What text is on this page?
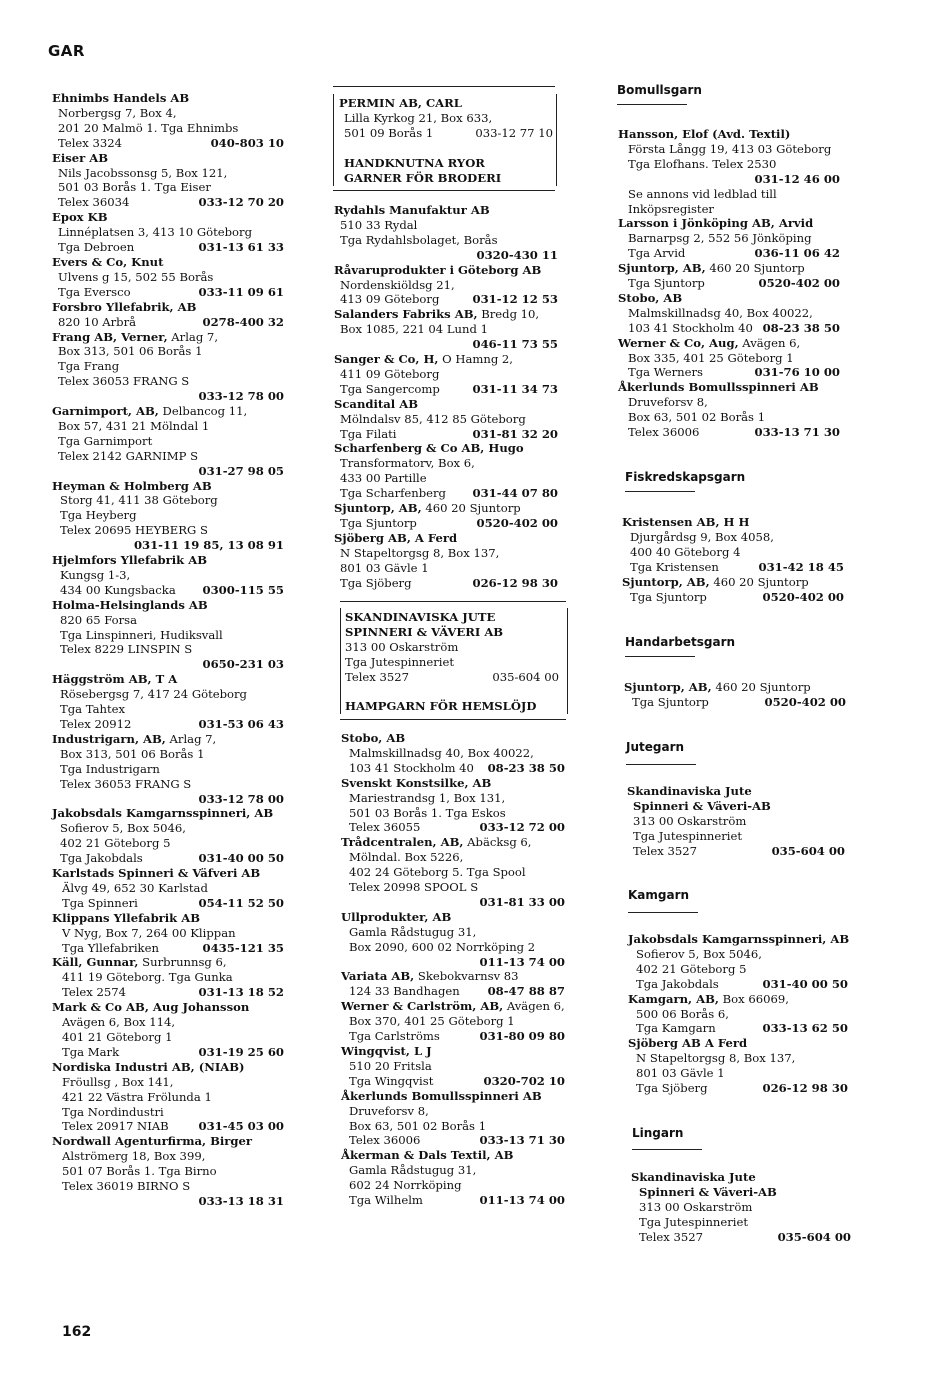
GAR
Ehnimbs Handels AB
Norbergsg 7, Box 4,
201 20 Malmö 1. Tga Ehnimbs
Telex 3324	040-803 10
Eiser AB
Nils Jacobssonsg 5, Box 121,
501 03 Borås 1. Tga Eiser
Telex 36034	033-12 70 20
Epox KB
Linnéplatsen 3, 413 10 Göteborg
Tga Debroen	031-13 61 33
Evers & Co, Knut
Ulvens g 15, 502 55 Borås
Tga Eversco	033-11 09 61
Forsbro Yllefabrik, AB
820 10 Arbrå	0278-400 32
Frang AB, Verner, Arlag 7,
Box 313, 501 06 Borås 1
Tga Frang
Telex 36053 FRANG S
033-12 78 00
Garnimport, AB, Delbancog 11,
Box 57, 431 21 Mölndal 1
Tga Garnimport
Telex 2142 GARNIMP S
031-27 98 05
Heyman & Holmberg AB
Storg 41, 411 38 Göteborg
Tga Heyberg
Telex 20695 HEYBERG S
031-11 19 85, 13 08 91
Hjelmfors Yllefabrik AB
Kungsg 1-3,
434 00 Kungsbacka 0300-115 55
Holma-Helsinglands AB
820 65 Forsa
Tga Linspinneri, Hudiksvall
Telex 8229 LINSPIN S
0650-231 03
Häggström AB, T A
Rösebergsg 7, 417 24 Göteborg
Tga Tahtex
Telex 20912	031-53 06 43
Industrigarn, AB, Arlag 7,
Box 313, 501 06 Borås 1
Tga Industrigarn
Telex 36053 FRANG S
033-12 78 00
Jakobsdals Kamgarnsspinneri, AB
Sofierov 5, Box 5046,
402 21 Göteborg 5
Tga Jakobdals	031-40 00 50
Karlstads Spinneri & Väfveri AB
Älvg 49, 652 30 Karlstad
Tga Spinneri	054-11 52 50
Klippans Yllefabrik AB
V Nyg, Box 7, 264 00 Klippan
Tga Yllefabriken	0435-121 35
Käll, Gunnar, Surbrunnsg 6,
411 19 Göteborg. Tga Gunka
Telex 2574	031-13 18 52
Mark & Co AB, Aug Johansson
Avägen 6, Box 114,
401 21 Göteborg 1
Tga Mark	031-19 25 60
Nordiska Industri AB, (NIAB)
Fröullsg , Box 141,
421 22 Västra Frölunda 1
Tga Nordindustri
Telex 20917 NIAB	031-45 03 00
Nordwall Agenturfirma, Birger
Alströmerg 18, Box 399,
501 07 Borås 1. Tga Birno
Telex 36019 BIRNO S
033-13 18 31
PERMIN AB, CARL
Lilla Kyrkog 21, Box 633,
501 09 Borås 1	033-12 77 10

HANDKNUTNA RYOR
GARNER FÖR BRODERI
Rydahls Manufaktur AB
510 33 Rydal
Tga Rydahlsbolaget, Borås
0320-430 11
Råvaruprodukter i Göteborg AB
Nordenskiöldsg 21,
413 09 Göteborg	031-12 12 53
Salanders Fabriks AB, Bredg 10,
Box 1085, 221 04 Lund 1
046-11 73 55
Sanger & Co, H, O Hamng 2,
411 09 Göteborg
Tga Sangercomp	031-11 34 73
Scandital AB
Mölndalsv 85, 412 85 Göteborg
Tga Filati	031-81 32 20
Scharfenberg & Co AB, Hugo
Transformatorv, Box 6,
433 00 Partille
Tga Scharfenberg 031-44 07 80
Sjuntorp, AB, 460 20 Sjuntorp
Tga Sjuntorp	0520-402 00
Sjöberg AB, A Ferd
N Stapeltorgsg 8, Box 137,
801 03 Gävle 1
Tga Sjöberg	026-12 98 30
SKANDINAVISKA JUTE
SPINNERI & VÄVERI AB
313 00 Oskarström
Tga Jutespinneriet
Telex 3527	035-604 00

HAMPGARN FÖR HEMSLÖJD
Stobo, AB
Malmskillnadsg 40, Box 40022,
103 41 Stockholm 40 08-23 38 50
Svenskt Konstsilke, AB
Mariestrandsg 1, Box 131,
501 03 Borås 1. Tga Eskos
Telex 36055	033-12 72 00
Trådcentralen, AB, Abäcksg 6,
Mölndal. Box 5226,
402 24 Göteborg 5. Tga Spool
Telex 20998 SPOOL S
031-81 33 00
Ullprodukter, AB
Gamla Rådstugug 31,
Box 2090, 600 02 Norrköping 2
011-13 74 00
Variata AB, Skebokvarnsv 83
124 33 Bandhagen 08-47 88 87
Werner & Carlström, AB, Avägen 6,
Box 370, 401 25 Göteborg 1
Tga Carlströms	031-80 09 80
Wingqvist, L J
510 20 Fritsla
Tga Wingqvist	0320-702 10
Åkerlunds Bomullsspinneri AB
Druveforsv 8,
Box 63, 501 02 Borås 1
Telex 36006	033-13 71 30
Åkerman & Dals Textil, AB
Gamla Rådstugug 31,
602 24 Norrköping
Tga Wilhelm	011-13 74 00
Bomullsgarn
Hansson, Elof (Avd. Textil)
Första Långg 19, 413 03 Göteborg
Tga Elofhans. Telex 2530
031-12 46 00
Se annons vid ledblad till
Inköpsregister
Larsson i Jönköping AB, Arvid
Barnarpsg 2, 552 56 Jönköping
Tga Arvid	036-11 06 42
Sjuntorp, AB, 460 20 Sjuntorp
Tga Sjuntorp	0520-402 00
Stobo, AB
Malmskillnadsg 40, Box 40022,
103 41 Stockholm 40 08-23 38 50
Werner & Co, Aug, Avägen 6,
Box 335, 401 25 Göteborg 1
Tga Werners	031-76 10 00
Åkerlunds Bomullsspinneri AB
Druveforsv 8,
Box 63, 501 02 Borås 1
Telex 36006	033-13 71 30
Fiskredskapsgarn
Kristensen AB, H H
Djurgårdsg 9, Box 4058,
400 40 Göteborg 4
Tga Kristensen	031-42 18 45
Sjuntorp, AB, 460 20 Sjuntorp
Tga Sjuntorp	0520-402 00
Handarbetsgarn
Sjuntorp, AB, 460 20 Sjuntorp
Tga Sjuntorp	0520-402 00
Jutegarn
Skandinaviska Jute
Spinneri & Väveri-AB
313 00 Oskarström
Tga Jutespinneriet
Telex 3527	035-604 00
Kamgarn
Jakobsdals Kamgarnsspinneri, AB
Sofierov 5, Box 5046,
402 21 Göteborg 5
Tga Jakobdals	031-40 00 50
Kamgarn, AB, Box 66069,
500 06 Borås 6,
Tga Kamgarn	033-13 62 50
Sjöberg AB A Ferd
N Stapeltorgsg 8, Box 137,
801 03 Gävle 1
Tga Sjöberg	026-12 98 30
Lingarn
Skandinaviska Jute
Spinneri & Väveri-AB
313 00 Oskarström
Tga Jutespinneriet
Telex 3527	035-604 00
162
